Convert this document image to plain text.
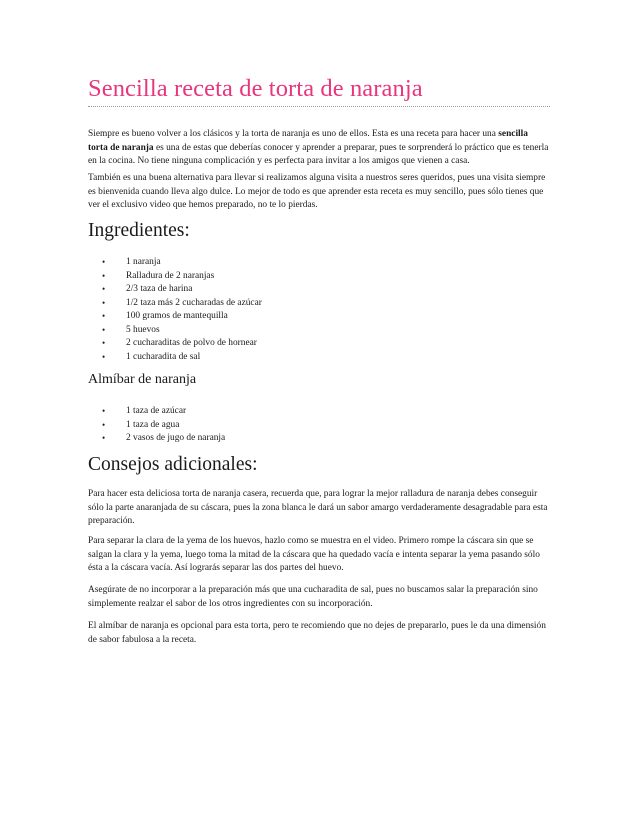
Sencilla receta de torta de naranja

Siempre es bueno volver a los clásicos y la torta de naranja es uno de ellos. Esta es una receta para hacer una sencilla torta de naranja es una de estas que deberías conocer y aprender a preparar, pues te sorprenderá lo práctico que es tenerla en la cocina. No tiene ninguna complicación y es perfecta para invitar a los amigos que vienen a casa.

También es una buena alternativa para llevar si realizamos alguna visita a nuestros seres queridos, pues una visita siempre es bienvenida cuando lleva algo dulce. Lo mejor de todo es que aprender esta receta es muy sencillo, pues sólo tienes que ver el exclusivo video que hemos preparado, no te lo pierdas.

Ingredientes:
• 1 naranja
• Ralladura de 2 naranjas
• 2/3 taza de harina
• 1/2 taza más 2 cucharadas de azúcar
• 100 gramos de mantequilla
• 5 huevos
• 2 cucharaditas de polvo de hornear
• 1 cucharadita de sal
Almíbar de naranja
• 1 taza de azúcar
• 1 taza de agua
• 2 vasos de jugo de naranja
Consejos adicionales:

Para hacer esta deliciosa torta de naranja casera, recuerda que, para lograr la mejor ralladura de naranja debes conseguir sólo la parte anaranjada de su cáscara, pues la zona blanca le dará un sabor amargo verdaderamente desagradable para esta preparación.

Para separar la clara de la yema de los huevos, hazlo como se muestra en el video. Primero rompe la cáscara sin que se salgan la clara y la yema, luego toma la mitad de la cáscara que ha quedado vacía e intenta separar la yema pasando sólo ésta a la cáscara vacía. Así lograrás separar las dos partes del huevo.

Asegúrate de no incorporar a la preparación más que una cucharadita de sal, pues no buscamos salar la preparación sino simplemente realzar el sabor de los otros ingredientes con su incorporación.

El almíbar de naranja es opcional para esta torta, pero te recomiendo que no dejes de prepararlo, pues le da una dimensión de sabor fabulosa a la receta.
